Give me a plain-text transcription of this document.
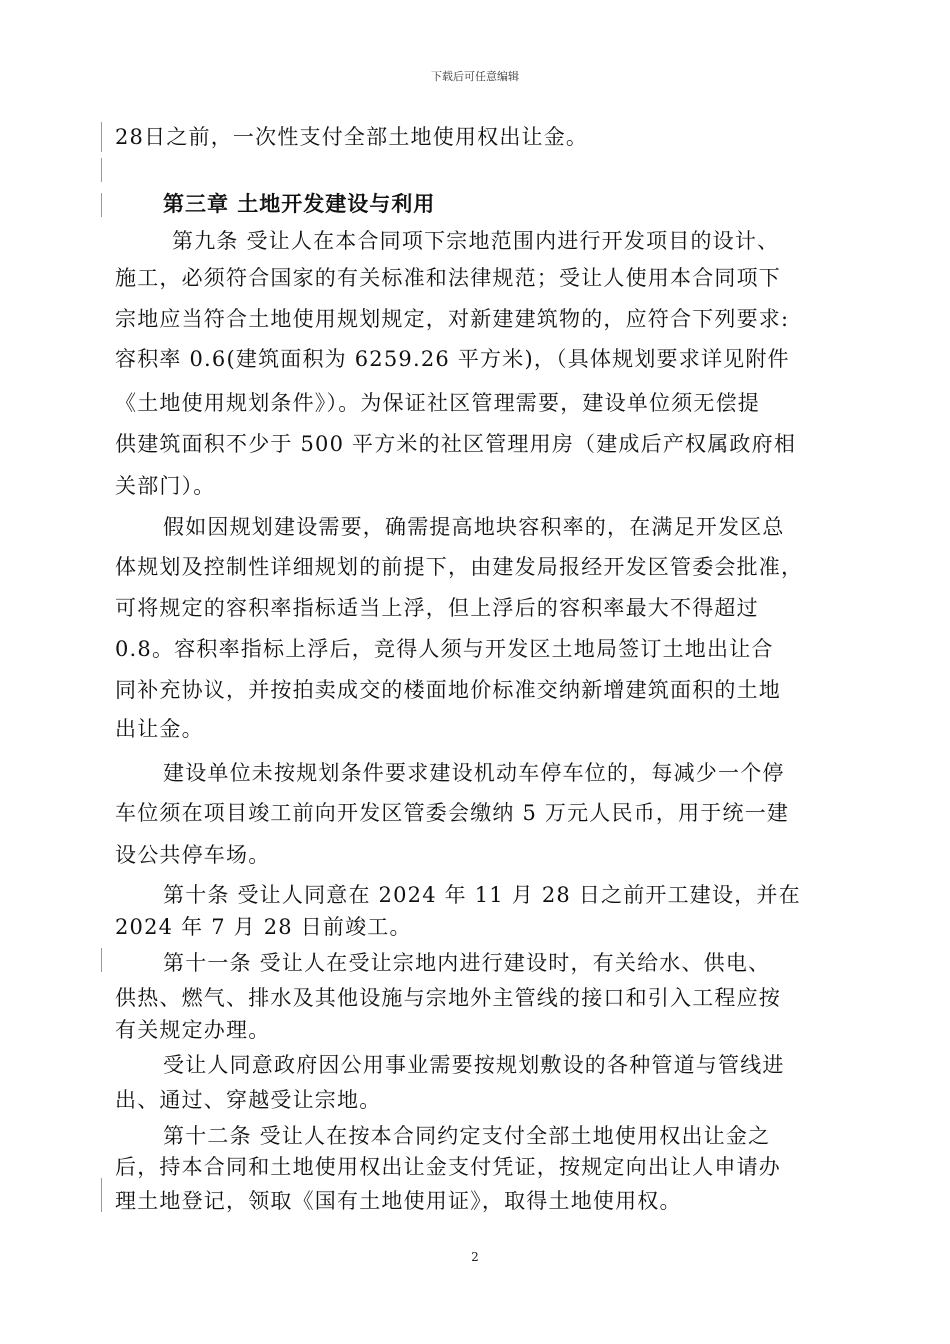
下载后可任意编辑
28日之前，一次性支付全部土地使用权出让金。
第三章 土地开发建设与利用
第九条 受让人在本合同项下宗地范围内进行开发项目的设计、
施工，必须符合国家的有关标准和法律规范；受让人使用本合同项下
宗地应当符合土地使用规划规定，对新建建筑物的，应符合下列要求:
容积率 0.6(建筑面积为 6259.26 平方米)，（具体规划要求详见附件
《土地使用规划条件》）。为保证社区管理需要，建设单位须无偿提
供建筑面积不少于 500 平方米的社区管理用房（建成后产权属政府相
关部门）。
假如因规划建设需要，确需提高地块容积率的，在满足开发区总
体规划及控制性详细规划的前提下，由建发局报经开发区管委会批准，
可将规定的容积率指标适当上浮，但上浮后的容积率最大不得超过
0.8。容积率指标上浮后，竞得人须与开发区土地局签订土地出让合
同补充协议，并按拍卖成交的楼面地价标准交纳新增建筑面积的土地
出让金。
建设单位未按规划条件要求建设机动车停车位的，每减少一个停
车位须在项目竣工前向开发区管委会缴纳 5 万元人民币，用于统一建
设公共停车场。
第十条 受让人同意在 2024 年 11 月 28 日之前开工建设，并在
2024 年 7 月 28 日前竣工。
第十一条 受让人在受让宗地内进行建设时，有关给水、供电、
供热、燃气、排水及其他设施与宗地外主管线的接口和引入工程应按
有关规定办理。
受让人同意政府因公用事业需要按规划敷设的各种管道与管线进
出、通过、穿越受让宗地。
第十二条 受让人在按本合同约定支付全部土地使用权出让金之
后，持本合同和土地使用权出让金支付凭证，按规定向出让人申请办
理土地登记，领取《国有土地使用证》，取得土地使用权。
2
